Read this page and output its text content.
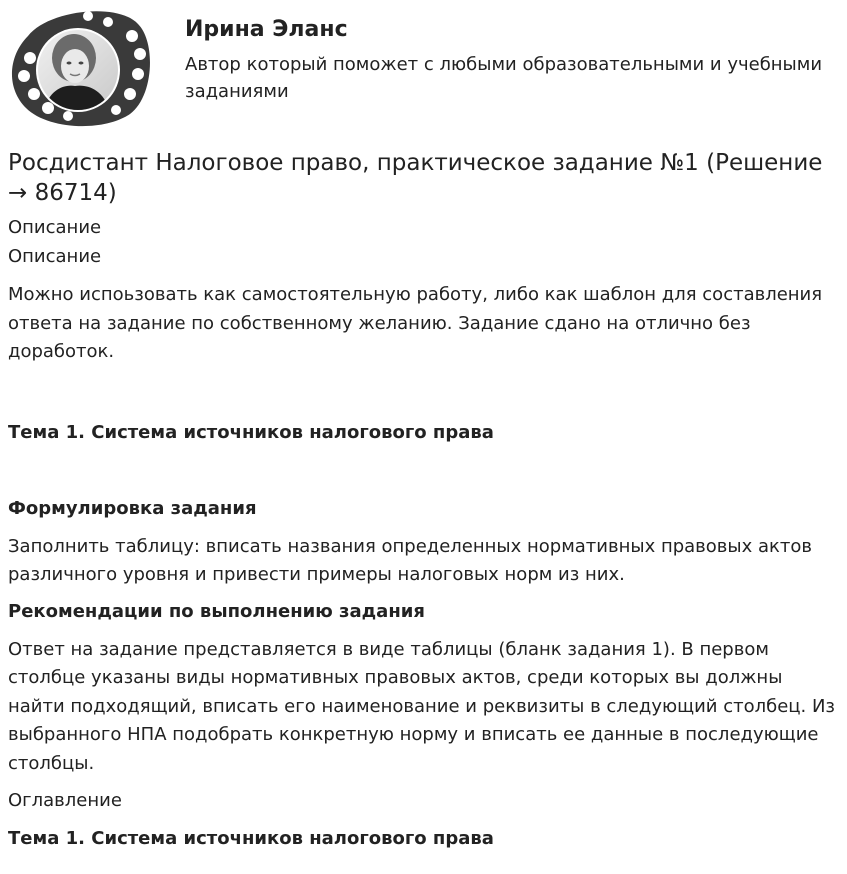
Ирина Эланс

Автор который поможет с любыми образовательными и учебными заданиями

Росдистант Налоговое право, практическое задание №1 (Решение → 86714)

Описание

Описание

Можно испоьзовать как самостоятельную работу, либо как шаблон для составления ответа на задание по собственному желанию. Задание сдано на отлично без доработок.

Тема 1. Система источников налогового права

Формулировка задания

Заполнить таблицу: вписать названия определенных нормативных правовых актов различного уровня и привести примеры налоговых норм из них.

Рекомендации по выполнению задания

Ответ на задание представляется в виде таблицы (бланк задания 1). В первом столбце указаны виды нормативных правовых актов, среди которых вы должны найти подходящий, вписать его наименование и реквизиты в следующий столбец. Из выбранного НПА подобрать конкретную норму и вписать ее данные в последующие столбцы.

Оглавление

Тема 1. Система источников налогового права
